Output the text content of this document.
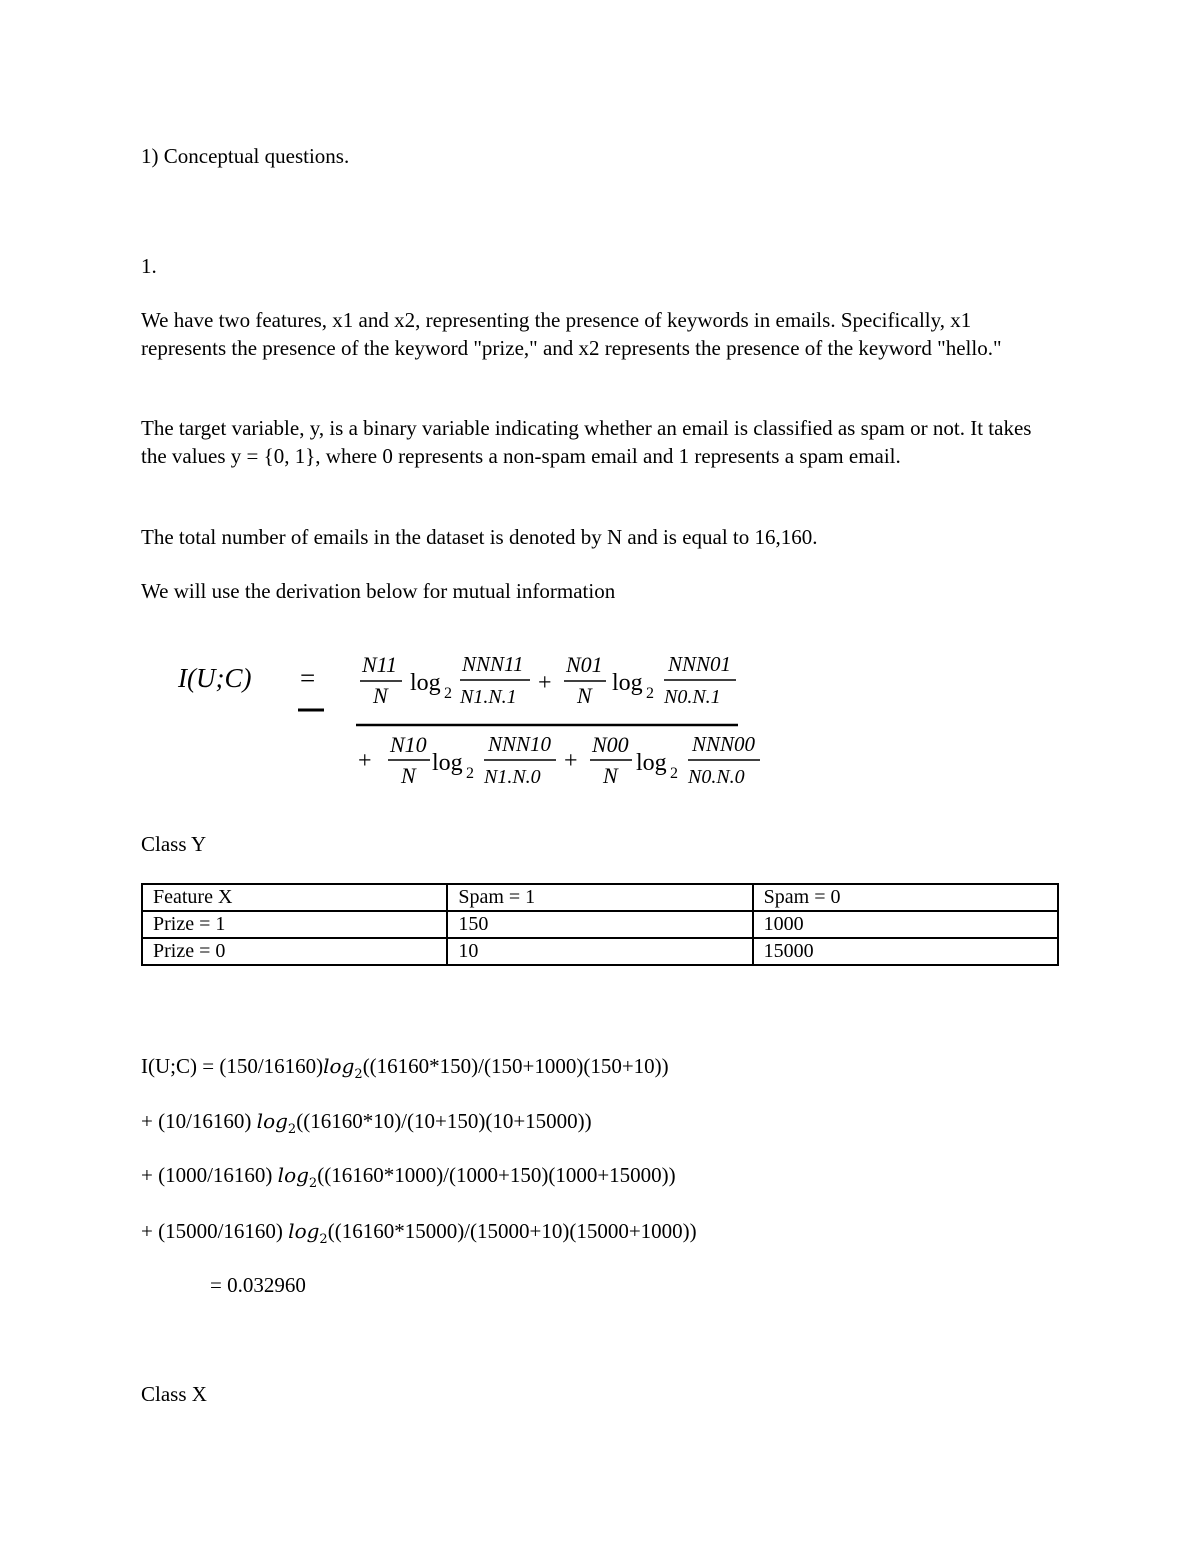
1) Conceptual questions.
1.
We have two features, x1 and x2, representing the presence of keywords in emails. Specifically, x1 represents the presence of the keyword "prize," and x2 represents the presence of the keyword "hello."
The target variable, y, is a binary variable indicating whether an email is classified as spam or not. It takes the values y = {0, 1}, where 0 represents a non-spam email and 1 represents a spam email.
The total number of emails in the dataset is denoted by N and is equal to 16,160.
We will use the derivation below for mutual information
I(U;C) = N11
N log 2
NNN11
N1.N.1
+
N01
N log 2
NNN01
N0.N.1
+
N10
N log 2
NNN10
N1.N.0
+
N00
N log 2
NNN00
N0.N.0
Class Y
Feature X	Spam = 1	Spam = 0
Prize = 1	150	1000
Prize = 0	10	15000
I(U;C) = $(150/16160)\log_2((16160*150)/(150+1000)(150+10))$
+ (10/16160) $\log_2((16160*10)/(10+150)(10+15000))$
+ (1000/16160) $\log_2((16160*1000)/(1000+150)(1000+15000))$
+ (15000/16160) $\log_2((16160*15000)/(15000+10)(15000+1000))$
= 0.032960
Class X
